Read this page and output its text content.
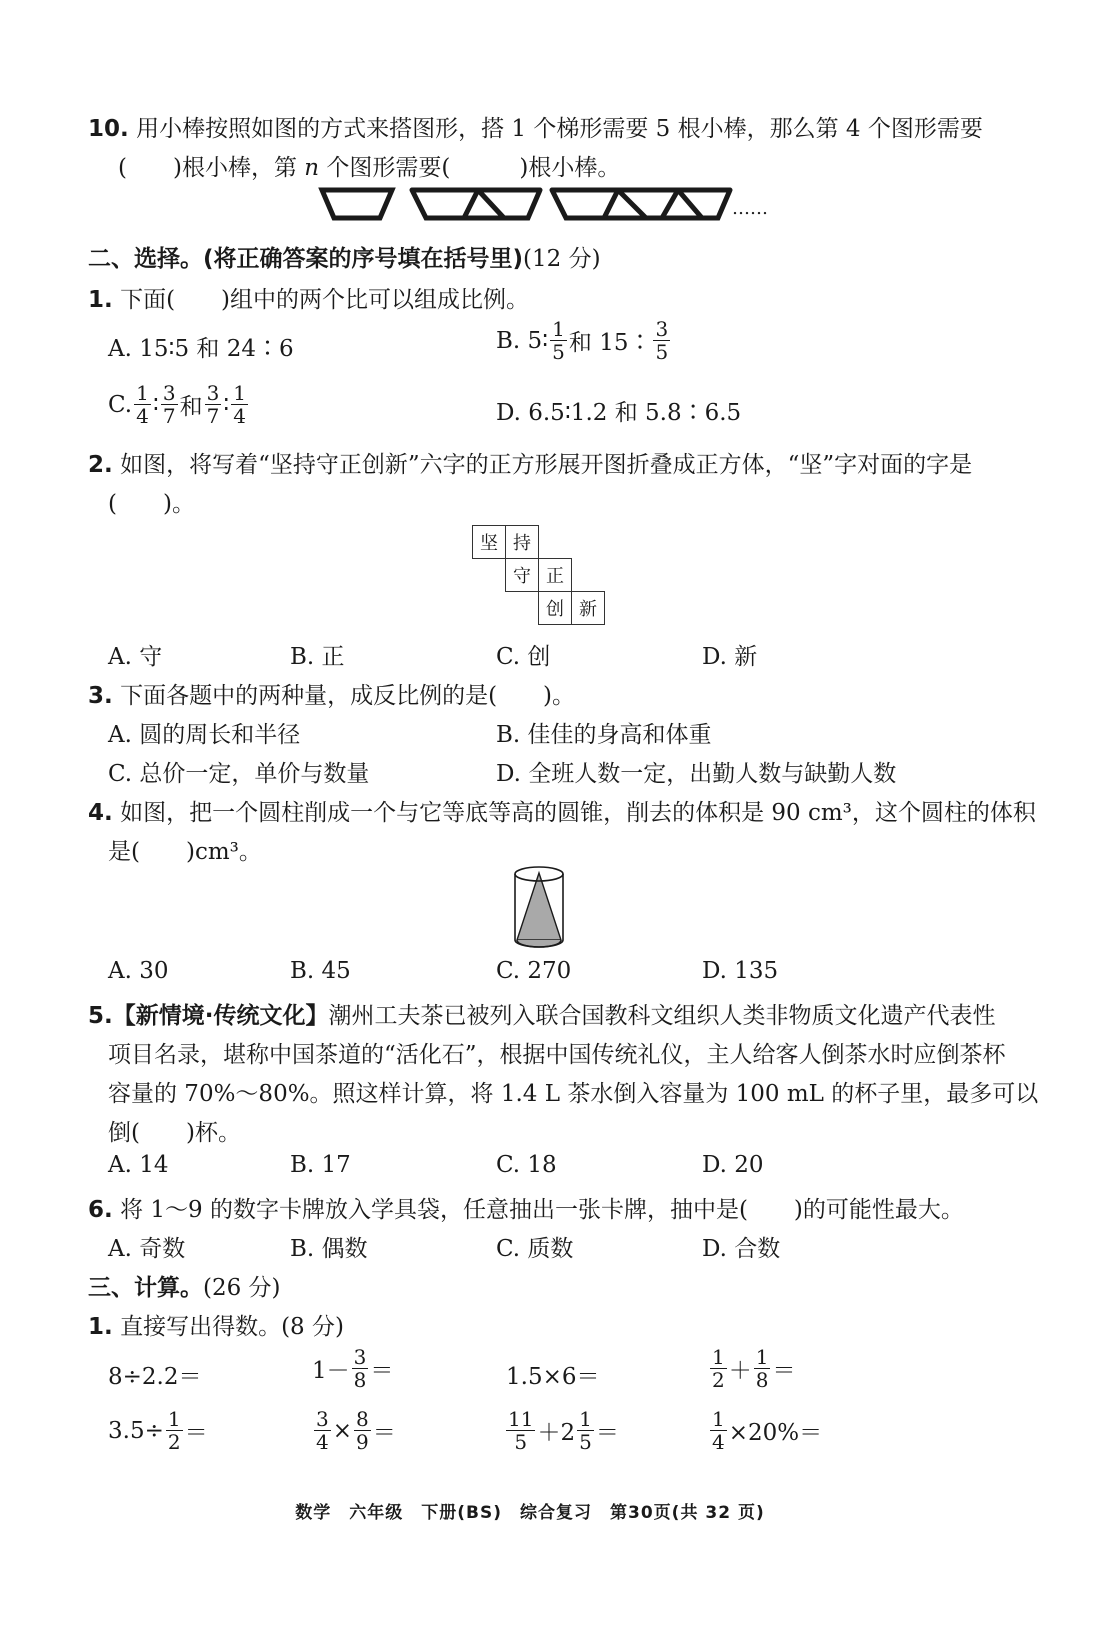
10. 用小棒按照如图的方式来搭图形，搭 1 个梯形需要 5 根小棒，那么第 4 个图形需要
(　　)根小棒，第 n 个图形需要(　　　)根小棒。
……
二、选择。(将正确答案的序号填在括号里)(12 分)
1. 下面(　　)组中的两个比可以组成比例。
A. 15∶5 和 24∶6	B. 5∶ $\frac{1}{5}$ 和 15∶ $\frac{3}{5}$
C. $\frac{1}{4}$ ∶ $\frac{3}{7}$ 和 $\frac{3}{7}$ ∶ $\frac{1}{4}$	D. 6.5∶1.2 和 5.8∶6.5
2. 如图，将写着“坚持守正创新”六字的正方形展开图折叠成正方体，“坚”字对面的字是
(　　)。
坚	持		
	守	正	
		创	新
A. 守	B. 正	C. 创	D. 新
3. 下面各题中的两种量，成反比例的是(　　)。
A. 圆的周长和半径	B. 佳佳的身高和体重
C. 总价一定，单价与数量	D. 全班人数一定，出勤人数与缺勤人数
4. 如图，把一个圆柱削成一个与它等底等高的圆锥，削去的体积是 90 cm³，这个圆柱的体积
是(　　)cm³。
A. 30	B. 45	C. 270	D. 135
5.【新情境·传统文化】潮州工夫茶已被列入联合国教科文组织人类非物质文化遗产代表性
项目名录，堪称中国茶道的“活化石”，根据中国传统礼仪，主人给客人倒茶水时应倒茶杯
容量的 70%～80%。照这样计算，将 1.4 L 茶水倒入容量为 100 mL 的杯子里，最多可以
倒(　　)杯。
A. 14	B. 17	C. 18	D. 20
6. 将 1～9 的数字卡牌放入学具袋，任意抽出一张卡牌，抽中是(　　)的可能性最大。
A. 奇数	B. 偶数	C. 质数	D. 合数
三、计算。(26 分)
1. 直接写出得数。(8 分)
8÷2.2＝	$1- \frac{3}{8}$ ＝	1.5×6＝	$\frac{1}{2} + \frac{1}{8}$ ＝
$3.5\div \frac{1}{2}$ ＝	$\frac{3}{4} \times \frac{8}{9}$ ＝	$\frac{11}{5} +2 \frac{1}{5}$ ＝	$\frac{1}{4} \times 20\%=$
数学　六年级　下册(BS)　综合复习　第30页(共 32 页)
